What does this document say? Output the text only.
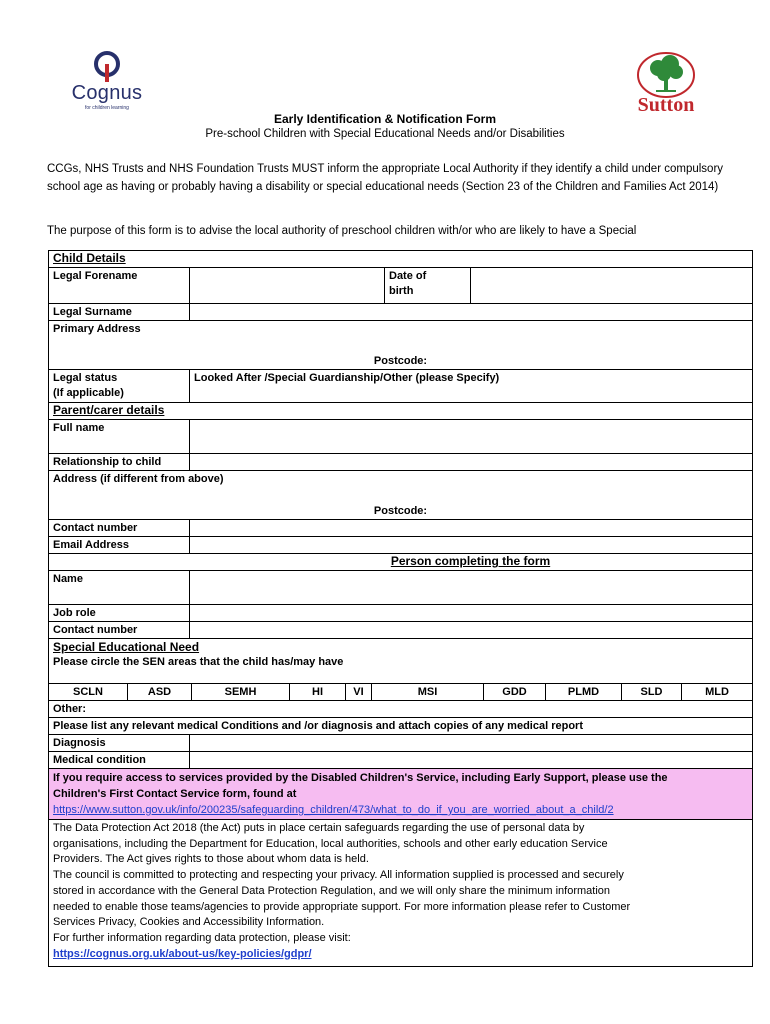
Cognus
for children learning	Sutton
Early Identification & Notification Form
Pre-school Children with Special Educational Needs and/or Disabilities
CCGs, NHS Trusts and NHS Foundation Trusts MUST inform the appropriate Local Authority if they identify a child under compulsory school age as having or probably having a disability or special educational needs (Section 23 of the Children and Families Act 2014)
The purpose of this form is to advise the local authority of preschool children with/or who are likely to have a Special
Child Details
Legal Forename	Date of
birth
Legal Surname
Primary Address
Postcode:
Legal status
(If applicable)
Looked After /Special Guardianship/Other (please Specify)
Parent/carer details
Full name
Relationship to child
Address (if different from above)
Postcode:
Contact number
Email Address
Person completing the form
Name
Job role
Contact number
Special Educational Need
Please circle the SEN areas that the child has/may have
SCLN	ASD	SEMH	HI	VI	MSI	GDD	PLMD	SLD	MLD
Other:
Please list any relevant medical Conditions and /or diagnosis and attach copies of any medical report
Diagnosis
Medical condition
If you require access to services provided by the Disabled Children's Service, including Early Support, please use the
Children's First Contact Service form, found at
https://www.sutton.gov.uk/info/200235/safeguarding_children/473/what_to_do_if_you_are_worried_about_a_child/2
The Data Protection Act 2018 (the Act) puts in place certain safeguards regarding the use of personal data by
organisations, including the Department for Education, local authorities, schools and other early education Service
Providers. The Act gives rights to those about whom data is held.
The council is committed to protecting and respecting your privacy. All information supplied is processed and securely
stored in accordance with the General Data Protection Regulation, and we will only share the minimum information
needed to enable those teams/agencies to provide appropriate support. For more information please refer to Customer
Services Privacy, Cookies and Accessibility Information.
For further information regarding data protection, please visit:
https://cognus.org.uk/about-us/key-policies/gdpr/
